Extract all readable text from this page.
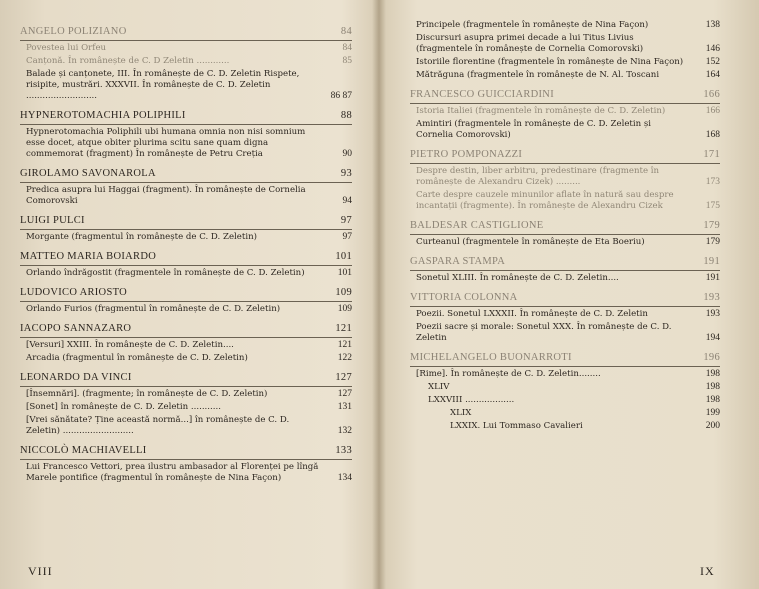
ANGELO POLIZIANO	84
Povestea lui Orfeu	84
Canțonă. În românește de C. D Zeletin ............	85
Balade și canțonete, III. În românește de C. D. Zeletin Rispete, risipite, mustrări. XXXVII. În românește de C. D. Zeletin ..........................	86 87
HYPNEROTOMACHIA POLIPHILI	88
Hypnerotomachia Poliphili ubi humana omnia non nisi somnium esse docet, atque obiter plurima scitu sane quam digna commemorat (fragment) În românește de Petru Creția	90
GIROLAMO SAVONAROLA	93
Predica asupra lui Haggai (fragment). În românește de Cornelia Comorovski	94
LUIGI PULCI	97
Morgante (fragmentul în românește de C. D. Zeletin)	97
MATTEO MARIA BOIARDO	101
Orlando îndrăgostit (fragmentele în românește de C. D. Zeletin)	101
LUDOVICO ARIOSTO	109
Orlando Furios (fragmentul în românește de C. D. Zeletin)	109
IACOPO SANNAZARO	121
[Versuri] XXIII. În românește de C. D. Zeletin....	121
Arcadia (fragmentul în românește de C. D. Zeletin)	122
LEONARDO DA VINCI	127
[Însemnări]. (fragmente; în românește de C. D. Zeletin)	127
[Sonet] în românește de C. D. Zeletin ...........	131
[Vrei sănătate? Ține această normă...] în românește de C. D. Zeletin) ..........................	132
NICCOLÒ MACHIAVELLI	133
Lui Francesco Vettori, prea ilustru ambasador al Florenței pe lîngă Marele pontifice (fragmentul în românește de Nina Façon)	134
Principele (fragmentele în românește de Nina Façon)	138
Discursuri asupra primei decade a lui Titus Livius (fragmentele în românește de Cornelia Comorovski)	146
Istoriile florentine (fragmentele în românește de Nina Façon)	152
Mătrăguna (fragmentele în românește de N. Al. Toscani	164
FRANCESCO GUICCIARDINI	166
Istoria Italiei (fragmentele în românește de C. D. Zeletin)	166
Amintiri (fragmentele în românește de C. D. Zeletin și Cornelia Comorovski)	168
PIETRO POMPONAZZI	171
Despre destin, liber arbitru, predestinare (fragmente în românește de Alexandru Cizek) .........	173
Carte despre cauzele minunilor aflate în natură sau despre incantații (fragmente). În românește de Alexandru Cizek	175
BALDESAR CASTIGLIONE	179
Curteanul (fragmentele în românește de Eta Boeriu)	179
GASPARA STAMPA	191
Sonetul XLIII. În românește de C. D. Zeletin....	191
VITTORIA COLONNA	193
Poezii. Sonetul LXXXII. În românește de C. D. Zeletin	193
Poezii sacre și morale: Sonetul XXX. În românește de C. D. Zeletin	194
MICHELANGELO BUONARROTI	196
[Rime]. În românește de C. D. Zeletin........	198
XLIV	198
LXXVIII ..................	198
XLIX	199
LXXIX. Lui Tommaso Cavalieri	200
VIII	IX
